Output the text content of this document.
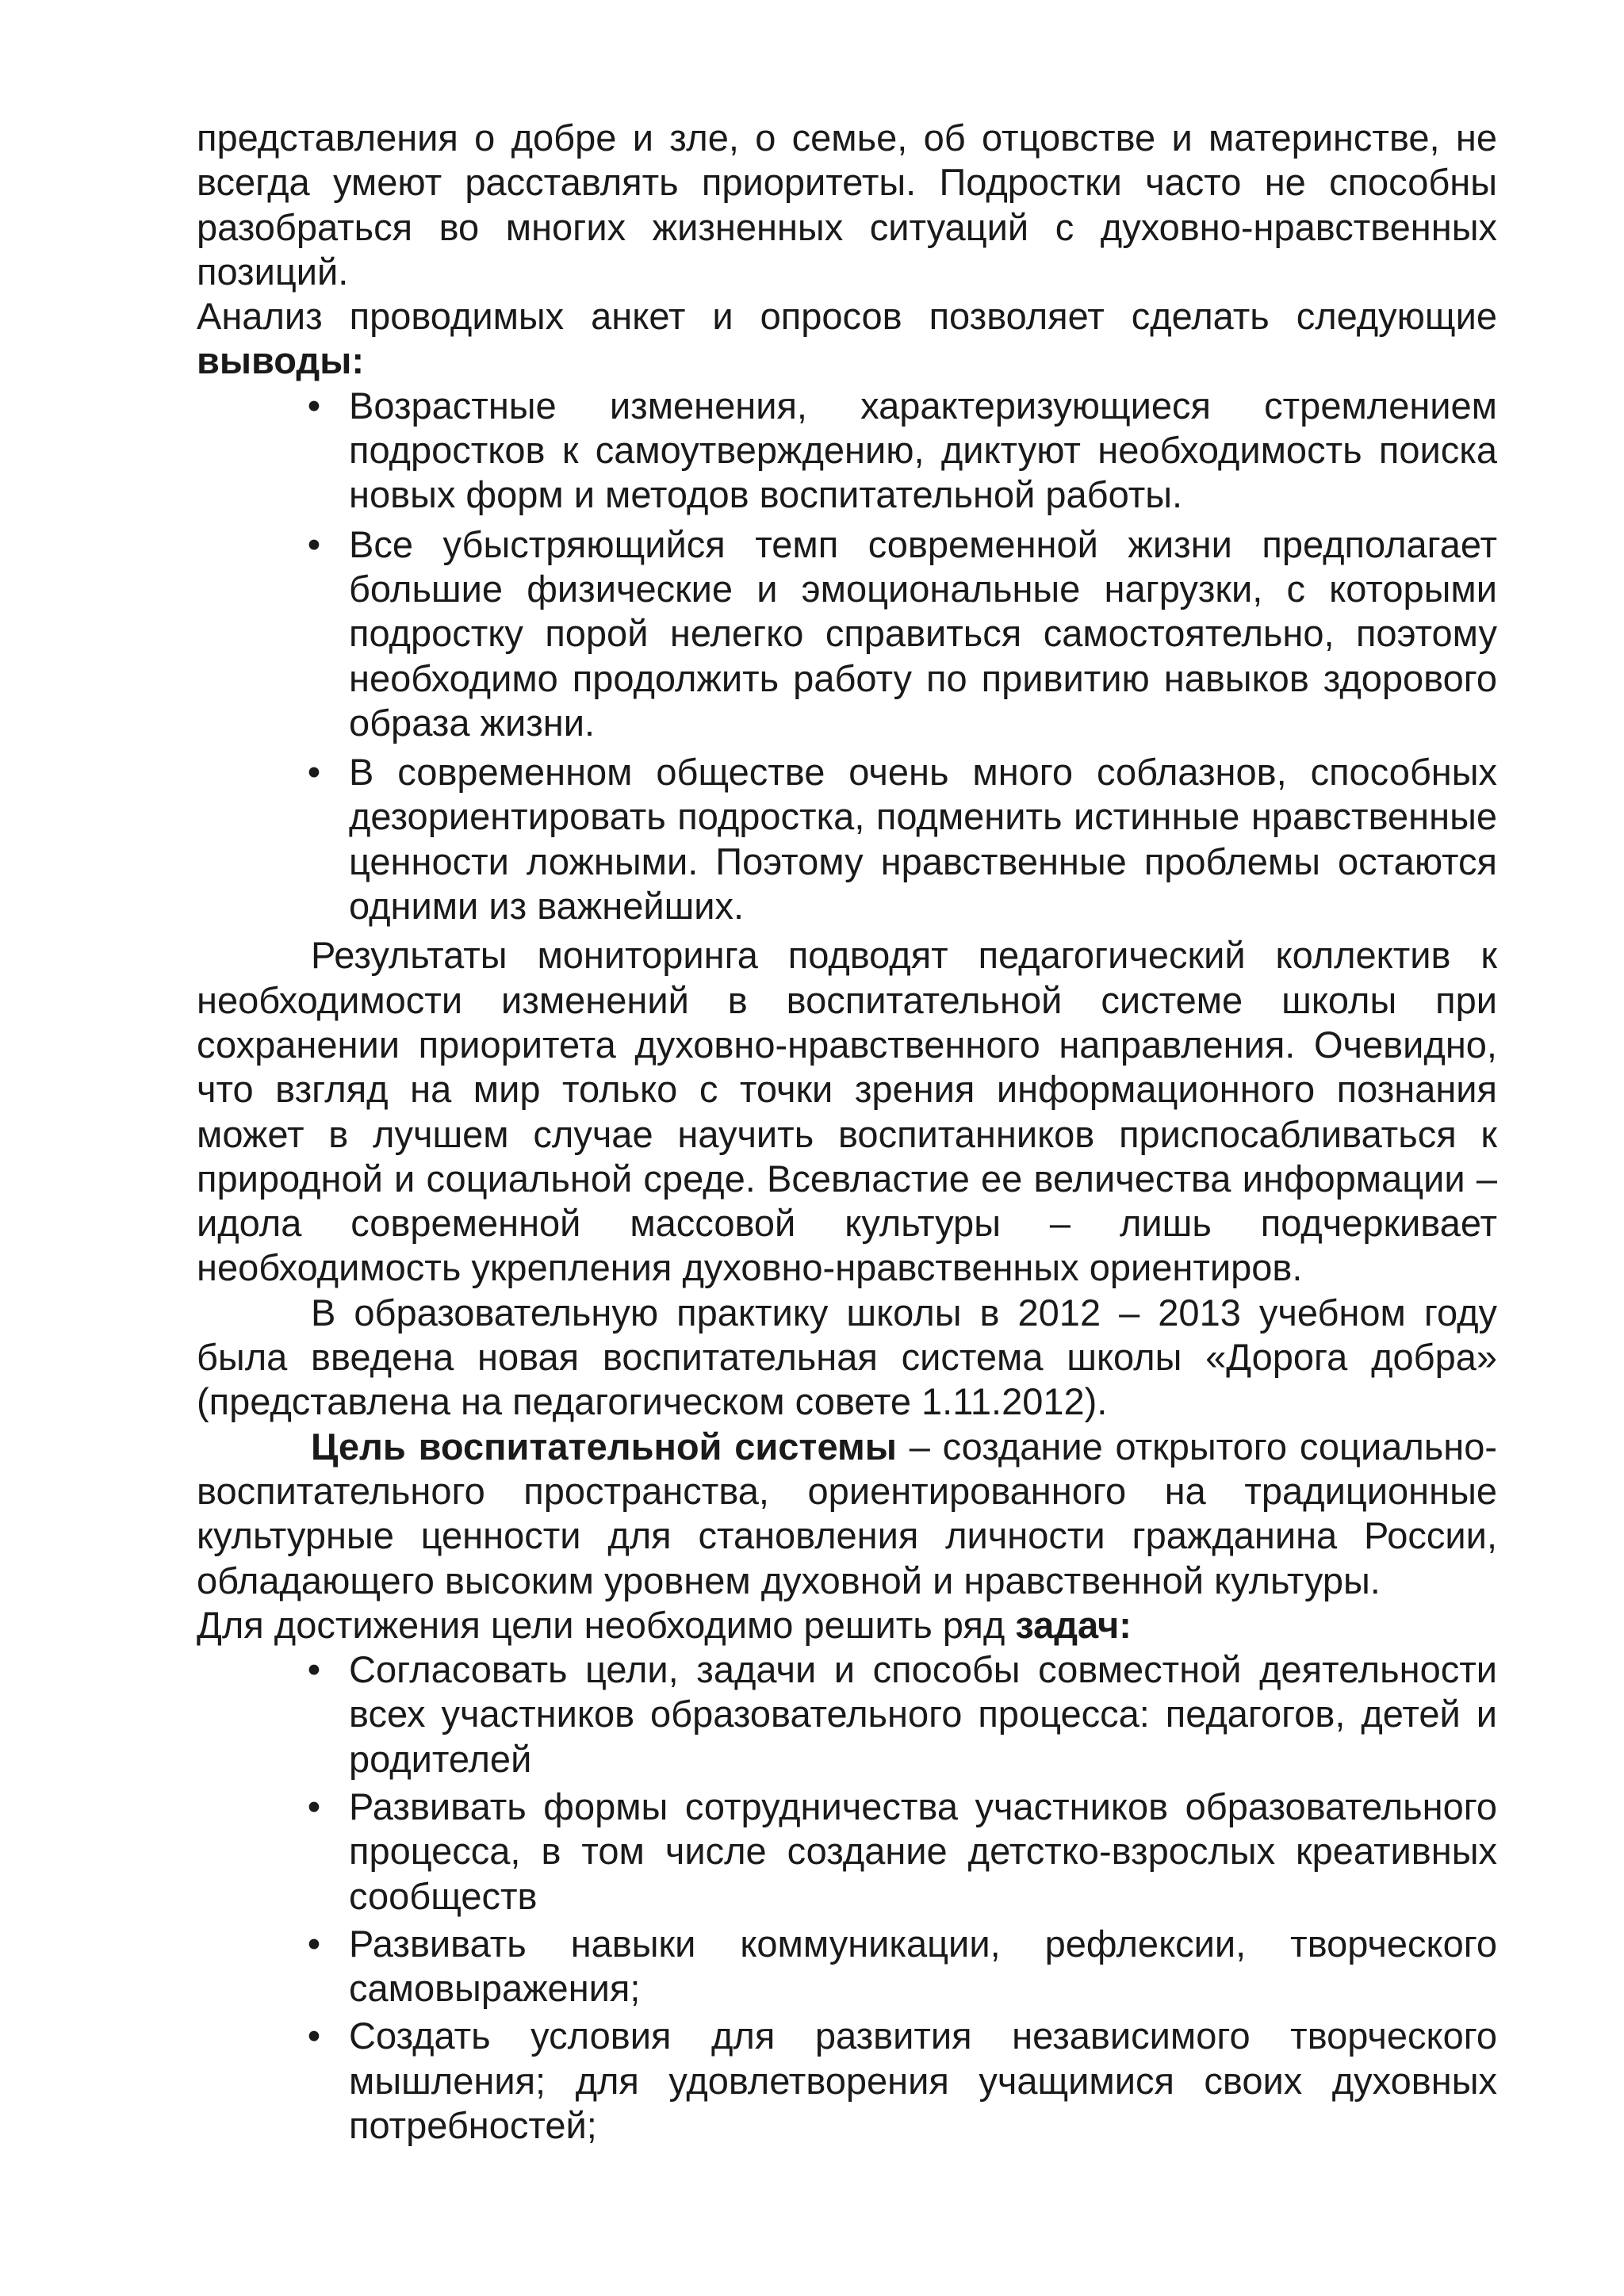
представления о добре и зле, о семье, об отцовстве и материнстве, не всегда умеют расставлять приоритеты. Подростки часто не способны разобраться во многих жизненных ситуаций с духовно-нравственных позиций.

Анализ проводимых анкет и опросов позволяет сделать следующие выводы:

• Возрастные изменения, характеризующиеся стремлением подростков к самоутверждению, диктуют необходимость поиска новых форм и методов воспитательной работы.
• Все убыстряющийся темп современной жизни предполагает большие физические и эмоциональные нагрузки, с которыми подростку порой нелегко справиться самостоятельно, поэтому необходимо продолжить работу по привитию навыков здорового образа жизни.
• В современном обществе очень много соблазнов, способных дезориентировать подростка, подменить истинные нравственные ценности ложными. Поэтому нравственные проблемы остаются одними из важнейших.

Результаты мониторинга подводят педагогический коллектив к необходимости изменений в воспитательной системе школы при сохранении приоритета духовно-нравственного направления. Очевидно, что взгляд на мир только с точки зрения информационного познания может в лучшем случае научить воспитанников приспосабливаться к природной и социальной среде. Всевластие ее величества информации – идола современной массовой культуры – лишь подчеркивает необходимость укрепления духовно-нравственных ориентиров.

В образовательную практику школы в 2012 – 2013 учебном году была введена новая воспитательная система школы «Дорога добра» (представлена на педагогическом совете 1.11.2012).

Цель воспитательной системы – создание открытого социально-воспитательного пространства, ориентированного на традиционные культурные ценности для становления личности гражданина России, обладающего высоким уровнем духовной и нравственной культуры.

Для достижения цели необходимо решить ряд задач:

• Согласовать цели, задачи и способы совместной деятельности всех участников образовательного процесса: педагогов, детей и родителей
• Развивать формы сотрудничества участников образовательного процесса, в том числе создание детстко-взрослых креативных сообществ
• Развивать навыки коммуникации, рефлексии, творческого самовыражения;
• Создать условия для развития независимого творческого мышления; для удовлетворения учащимися своих духовных потребностей;
